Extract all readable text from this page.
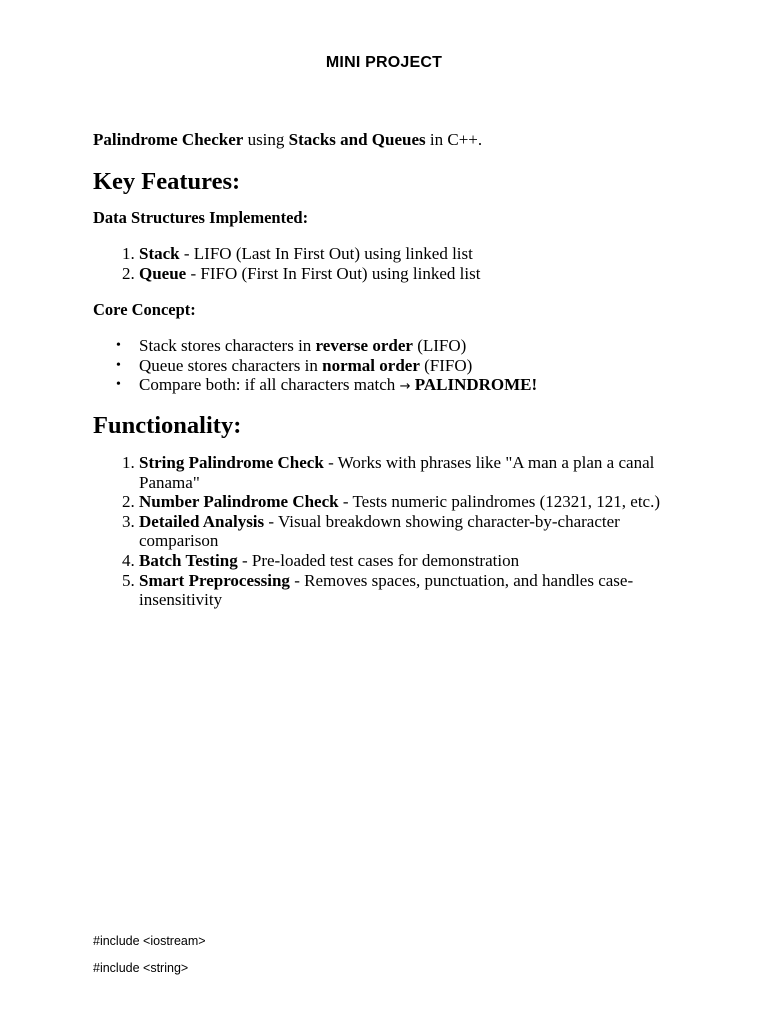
MINI PROJECT

Palindrome Checker using Stacks and Queues in C++.

Key Features:
Data Structures Implemented:
1. Stack - LIFO (Last In First Out) using linked list
2. Queue - FIFO (First In First Out) using linked list
Core Concept:
• Stack stores characters in reverse order (LIFO)
• Queue stores characters in normal order (FIFO)
• Compare both: if all characters match → PALINDROME!
Functionality:
1. String Palindrome Check - Works with phrases like "A man a plan a canal Panama"
2. Number Palindrome Check - Tests numeric palindromes (12321, 121, etc.)
3. Detailed Analysis - Visual breakdown showing character-by-character comparison
4. Batch Testing - Pre-loaded test cases for demonstration
5. Smart Preprocessing - Removes spaces, punctuation, and handles case-insensitivity
#include <iostream>
#include <string>
